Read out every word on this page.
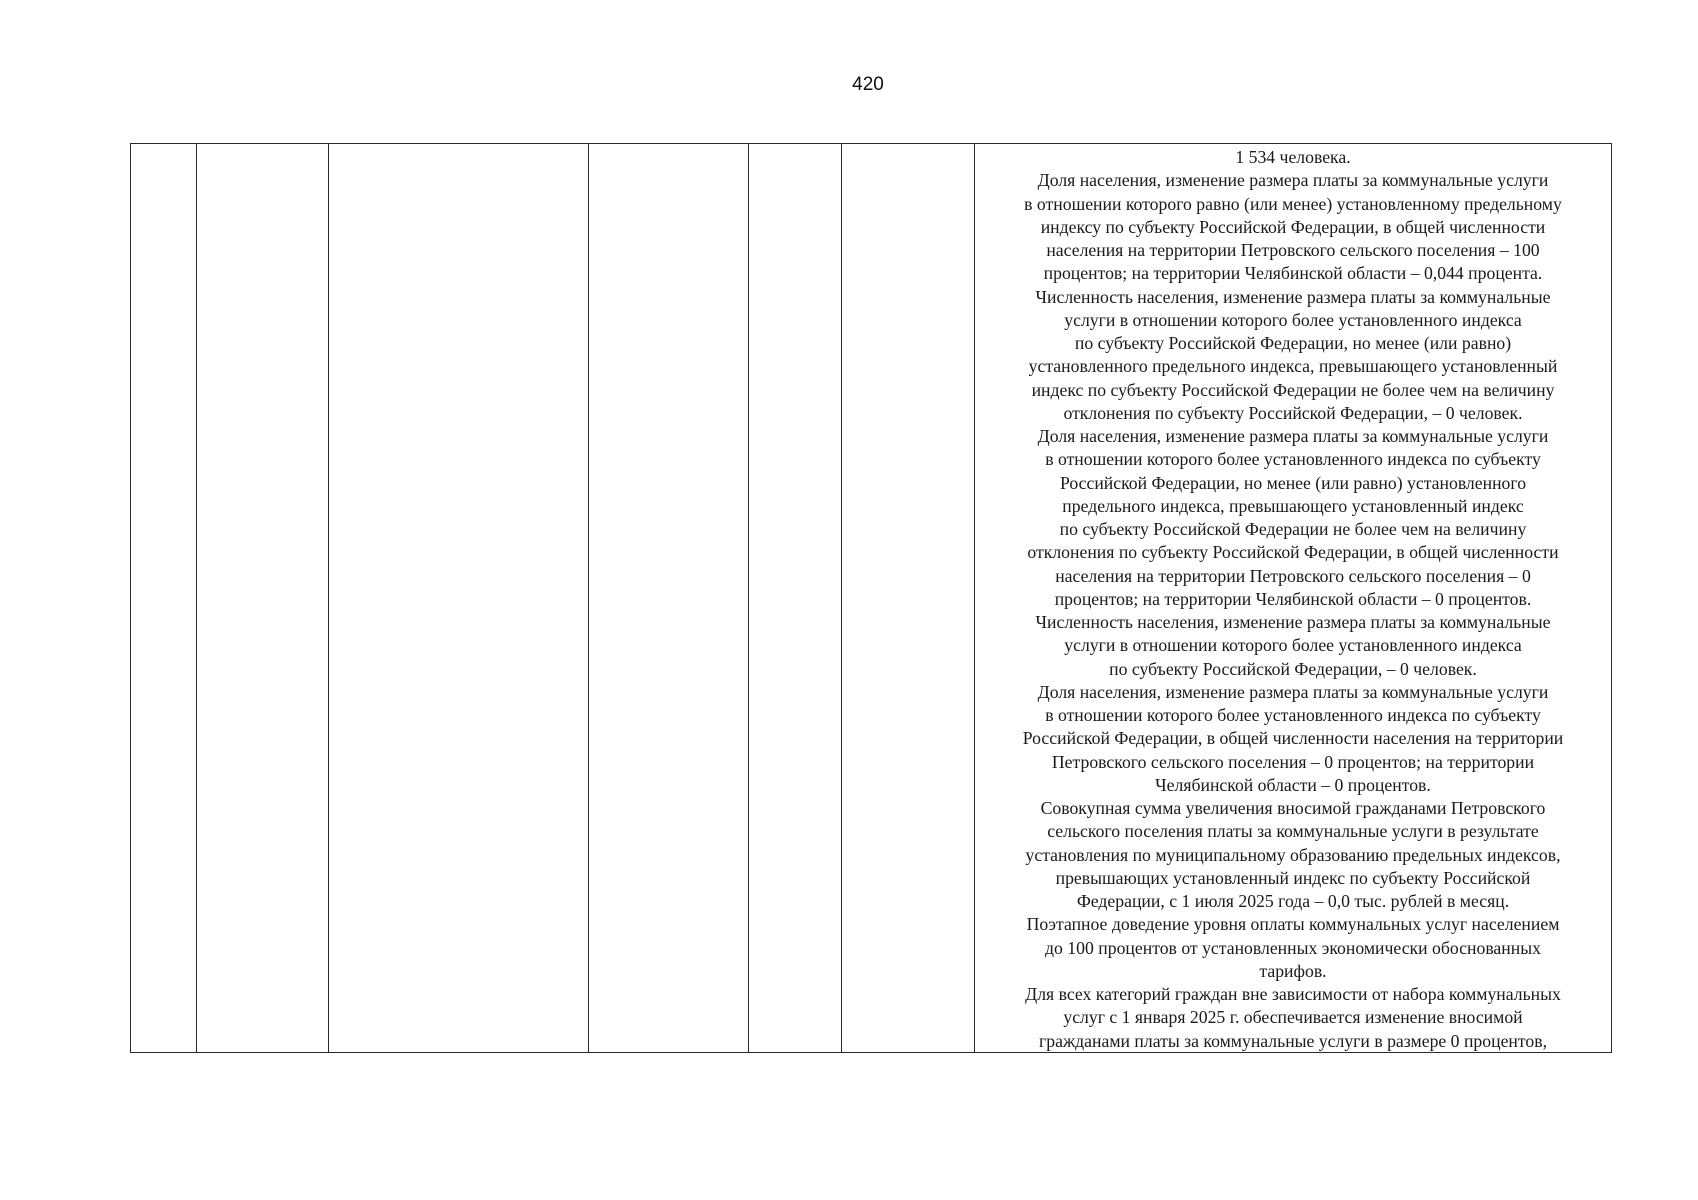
420

1 534 человека.
Доля населения, изменение размера платы за коммунальные услуги
в отношении которого равно (или менее) установленному предельному
индексу по субъекту Российской Федерации, в общей численности
населения на территории Петровского сельского поселения – 100
процентов; на территории Челябинской области – 0,044 процента.
Численность населения, изменение размера платы за коммунальные
услуги в отношении которого более установленного индекса
по субъекту Российской Федерации, но менее (или равно)
установленного предельного индекса, превышающего установленный
индекс по субъекту Российской Федерации не более чем на величину
отклонения по субъекту Российской Федерации, – 0 человек.
Доля населения, изменение размера платы за коммунальные услуги
в отношении которого более установленного индекса по субъекту
Российской Федерации, но менее (или равно) установленного
предельного индекса, превышающего установленный индекс
по субъекту Российской Федерации не более чем на величину
отклонения по субъекту Российской Федерации, в общей численности
населения на территории Петровского сельского поселения – 0
процентов; на территории Челябинской области – 0 процентов.
Численность населения, изменение размера платы за коммунальные
услуги в отношении которого более установленного индекса
по субъекту Российской Федерации, – 0 человек.
Доля населения, изменение размера платы за коммунальные услуги
в отношении которого более установленного индекса по субъекту
Российской Федерации, в общей численности населения на территории
Петровского сельского поселения – 0 процентов; на территории
Челябинской области – 0 процентов.
Совокупная сумма увеличения вносимой гражданами Петровского
сельского поселения платы за коммунальные услуги в результате
установления по муниципальному образованию предельных индексов,
превышающих установленный индекс по субъекту Российской
Федерации, с 1 июля 2025 года – 0,0 тыс. рублей в месяц.
Поэтапное доведение уровня оплаты коммунальных услуг населением
до 100 процентов от установленных экономически обоснованных
тарифов.
Для всех категорий граждан вне зависимости от набора коммунальных
услуг с 1 января 2025 г. обеспечивается изменение вносимой
гражданами платы за коммунальные услуги в размере 0 процентов,
